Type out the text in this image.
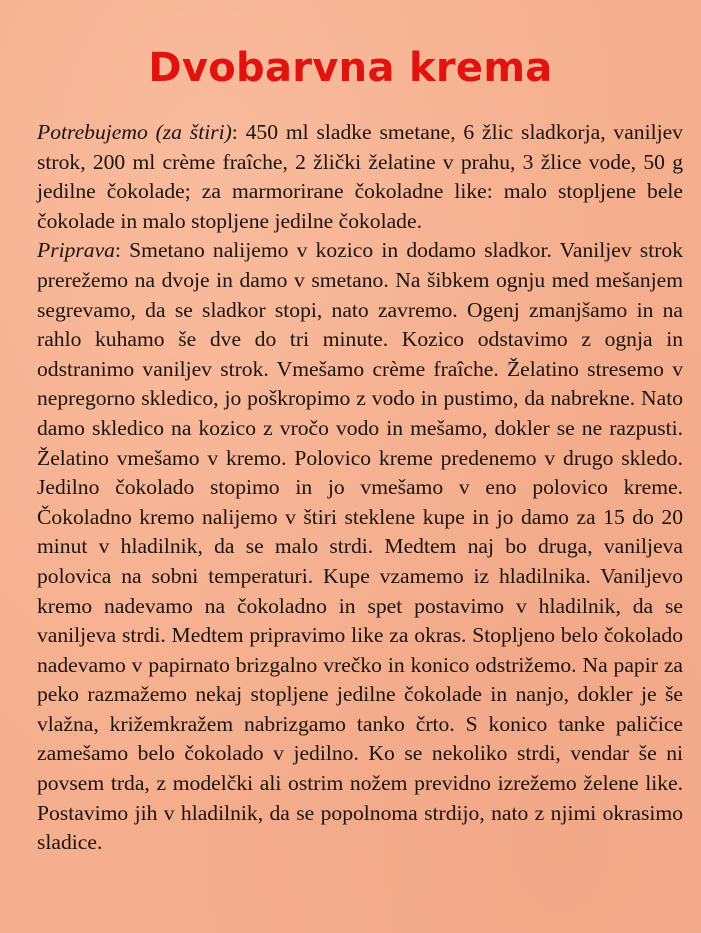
Dvobarvna krema

Potrebujemo (za štiri): 450 ml sladke smetane, 6 žlic sladkorja, vaniljev strok, 200 ml crème fraîche, 2 žlički želatine v prahu, 3 žlice vode, 50 g jedilne čokolade; za marmorirane čokoladne like: malo stopljene bele čokolade in malo stopljene jedilne čokolade.

Priprava: Smetano nalijemo v kozico in dodamo sladkor. Vaniljev strok prerežemo na dvoje in damo v smetano. Na šibkem ognju med mešanjem segrevamo, da se sladkor stopi, nato zavremo. Ogenj zmanjšamo in na rahlo kuhamo še dve do tri minute. Kozico odstavimo z ognja in odstranimo vaniljev strok. Vmešamo crème fraîche. Želatino stresemo v nepregorno skledico, jo poškropimo z vodo in pustimo, da nabrekne. Nato damo skledico na kozico z vročo vodo in mešamo, dokler se ne razpusti. Želatino vmešamo v kremo. Polovico kreme predenemo v drugo skledo. Jedilno čokolado stopimo in jo vmešamo v eno polovico kreme. Čokoladno kremo nalijemo v štiri steklene kupe in jo damo za 15 do 20 minut v hladilnik, da se malo strdi. Medtem naj bo druga, vaniljeva polovica na sobni temperaturi. Kupe vzamemo iz hladilnika. Vaniljevo kremo nadevamo na čokoladno in spet postavimo v hladilnik, da se vaniljeva strdi. Medtem pripravimo like za okras. Stopljeno belo čokolado nadevamo v papirnato brizgalno vrečko in konico odstrižemo. Na papir za peko razmažemo nekaj stopljene jedilne čokolade in nanjo, dokler je še vlažna, križemkražem nabrizgamo tanko črto. S konico tanke paličice zamešamo belo čokolado v jedilno. Ko se nekoliko strdi, vendar še ni povsem trda, z modelčki ali ostrim nožem previdno izrežemo želene like. Postavimo jih v hladilnik, da se popolnoma strdijo, nato z njimi okrasimo sladice.
